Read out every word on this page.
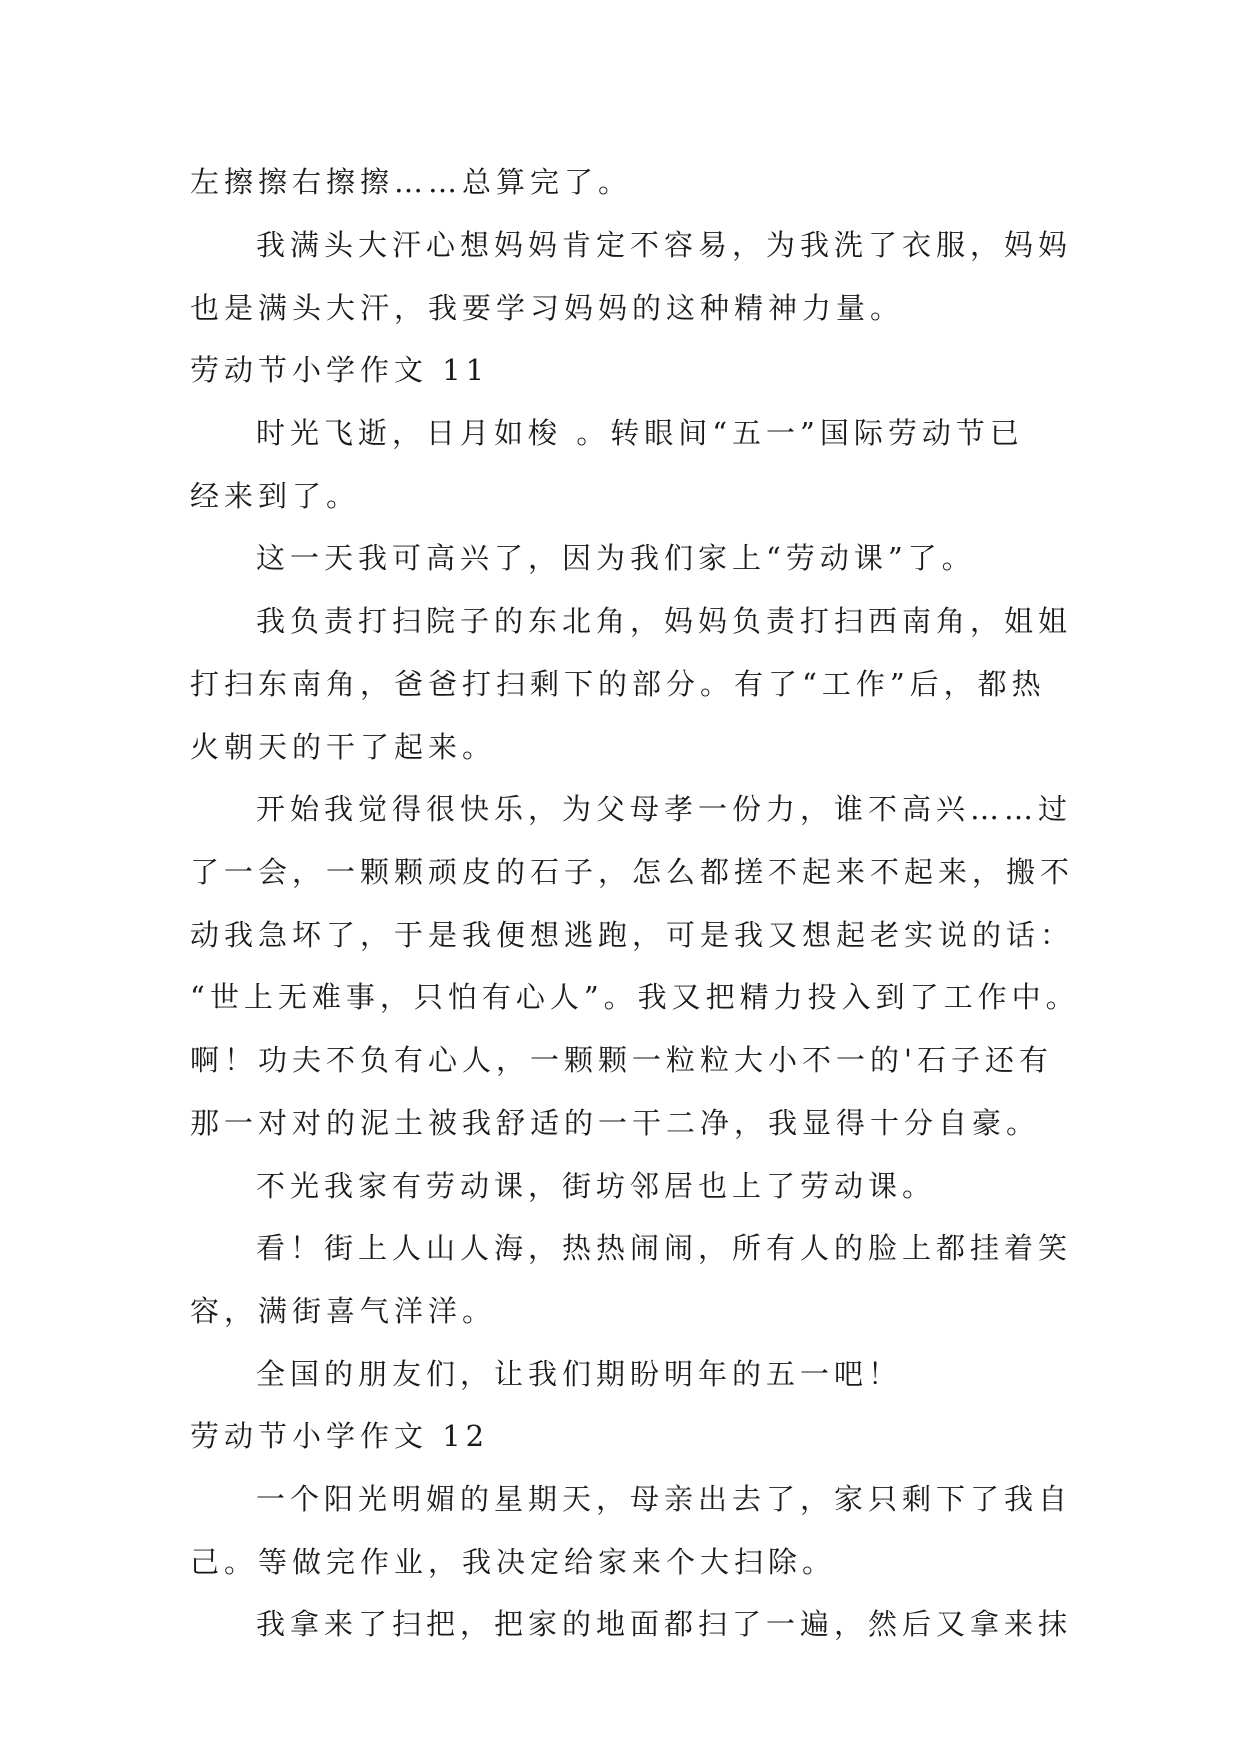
左擦擦右擦擦……总算完了。
我满头大汗心想妈妈肯定不容易，为我洗了衣服，妈妈
也是满头大汗，我要学习妈妈的这种精神力量。
劳动节小学作文 11
时光飞逝，日月如梭 。转眼间“五一”国际劳动节已
经来到了。
这一天我可高兴了，因为我们家上“劳动课”了。
我负责打扫院子的东北角，妈妈负责打扫西南角，姐姐
打扫东南角，爸爸打扫剩下的部分。有了“工作”后，都热
火朝天的干了起来。
开始我觉得很快乐，为父母孝一份力，谁不高兴……过
了一会，一颗颗顽皮的石子，怎么都搓不起来不起来，搬不
动我急坏了，于是我便想逃跑，可是我又想起老实说的话：
“世上无难事，只怕有心人”。我又把精力投入到了工作中。
啊！功夫不负有心人，一颗颗一粒粒大小不一的'石子还有
那一对对的泥土被我舒适的一干二净，我显得十分自豪。
不光我家有劳动课，街坊邻居也上了劳动课。
看！街上人山人海，热热闹闹，所有人的脸上都挂着笑
容，满街喜气洋洋。
全国的朋友们，让我们期盼明年的五一吧！
劳动节小学作文 12
一个阳光明媚的星期天，母亲出去了，家只剩下了我自
己。等做完作业，我决定给家来个大扫除。
我拿来了扫把，把家的地面都扫了一遍，然后又拿来抹
